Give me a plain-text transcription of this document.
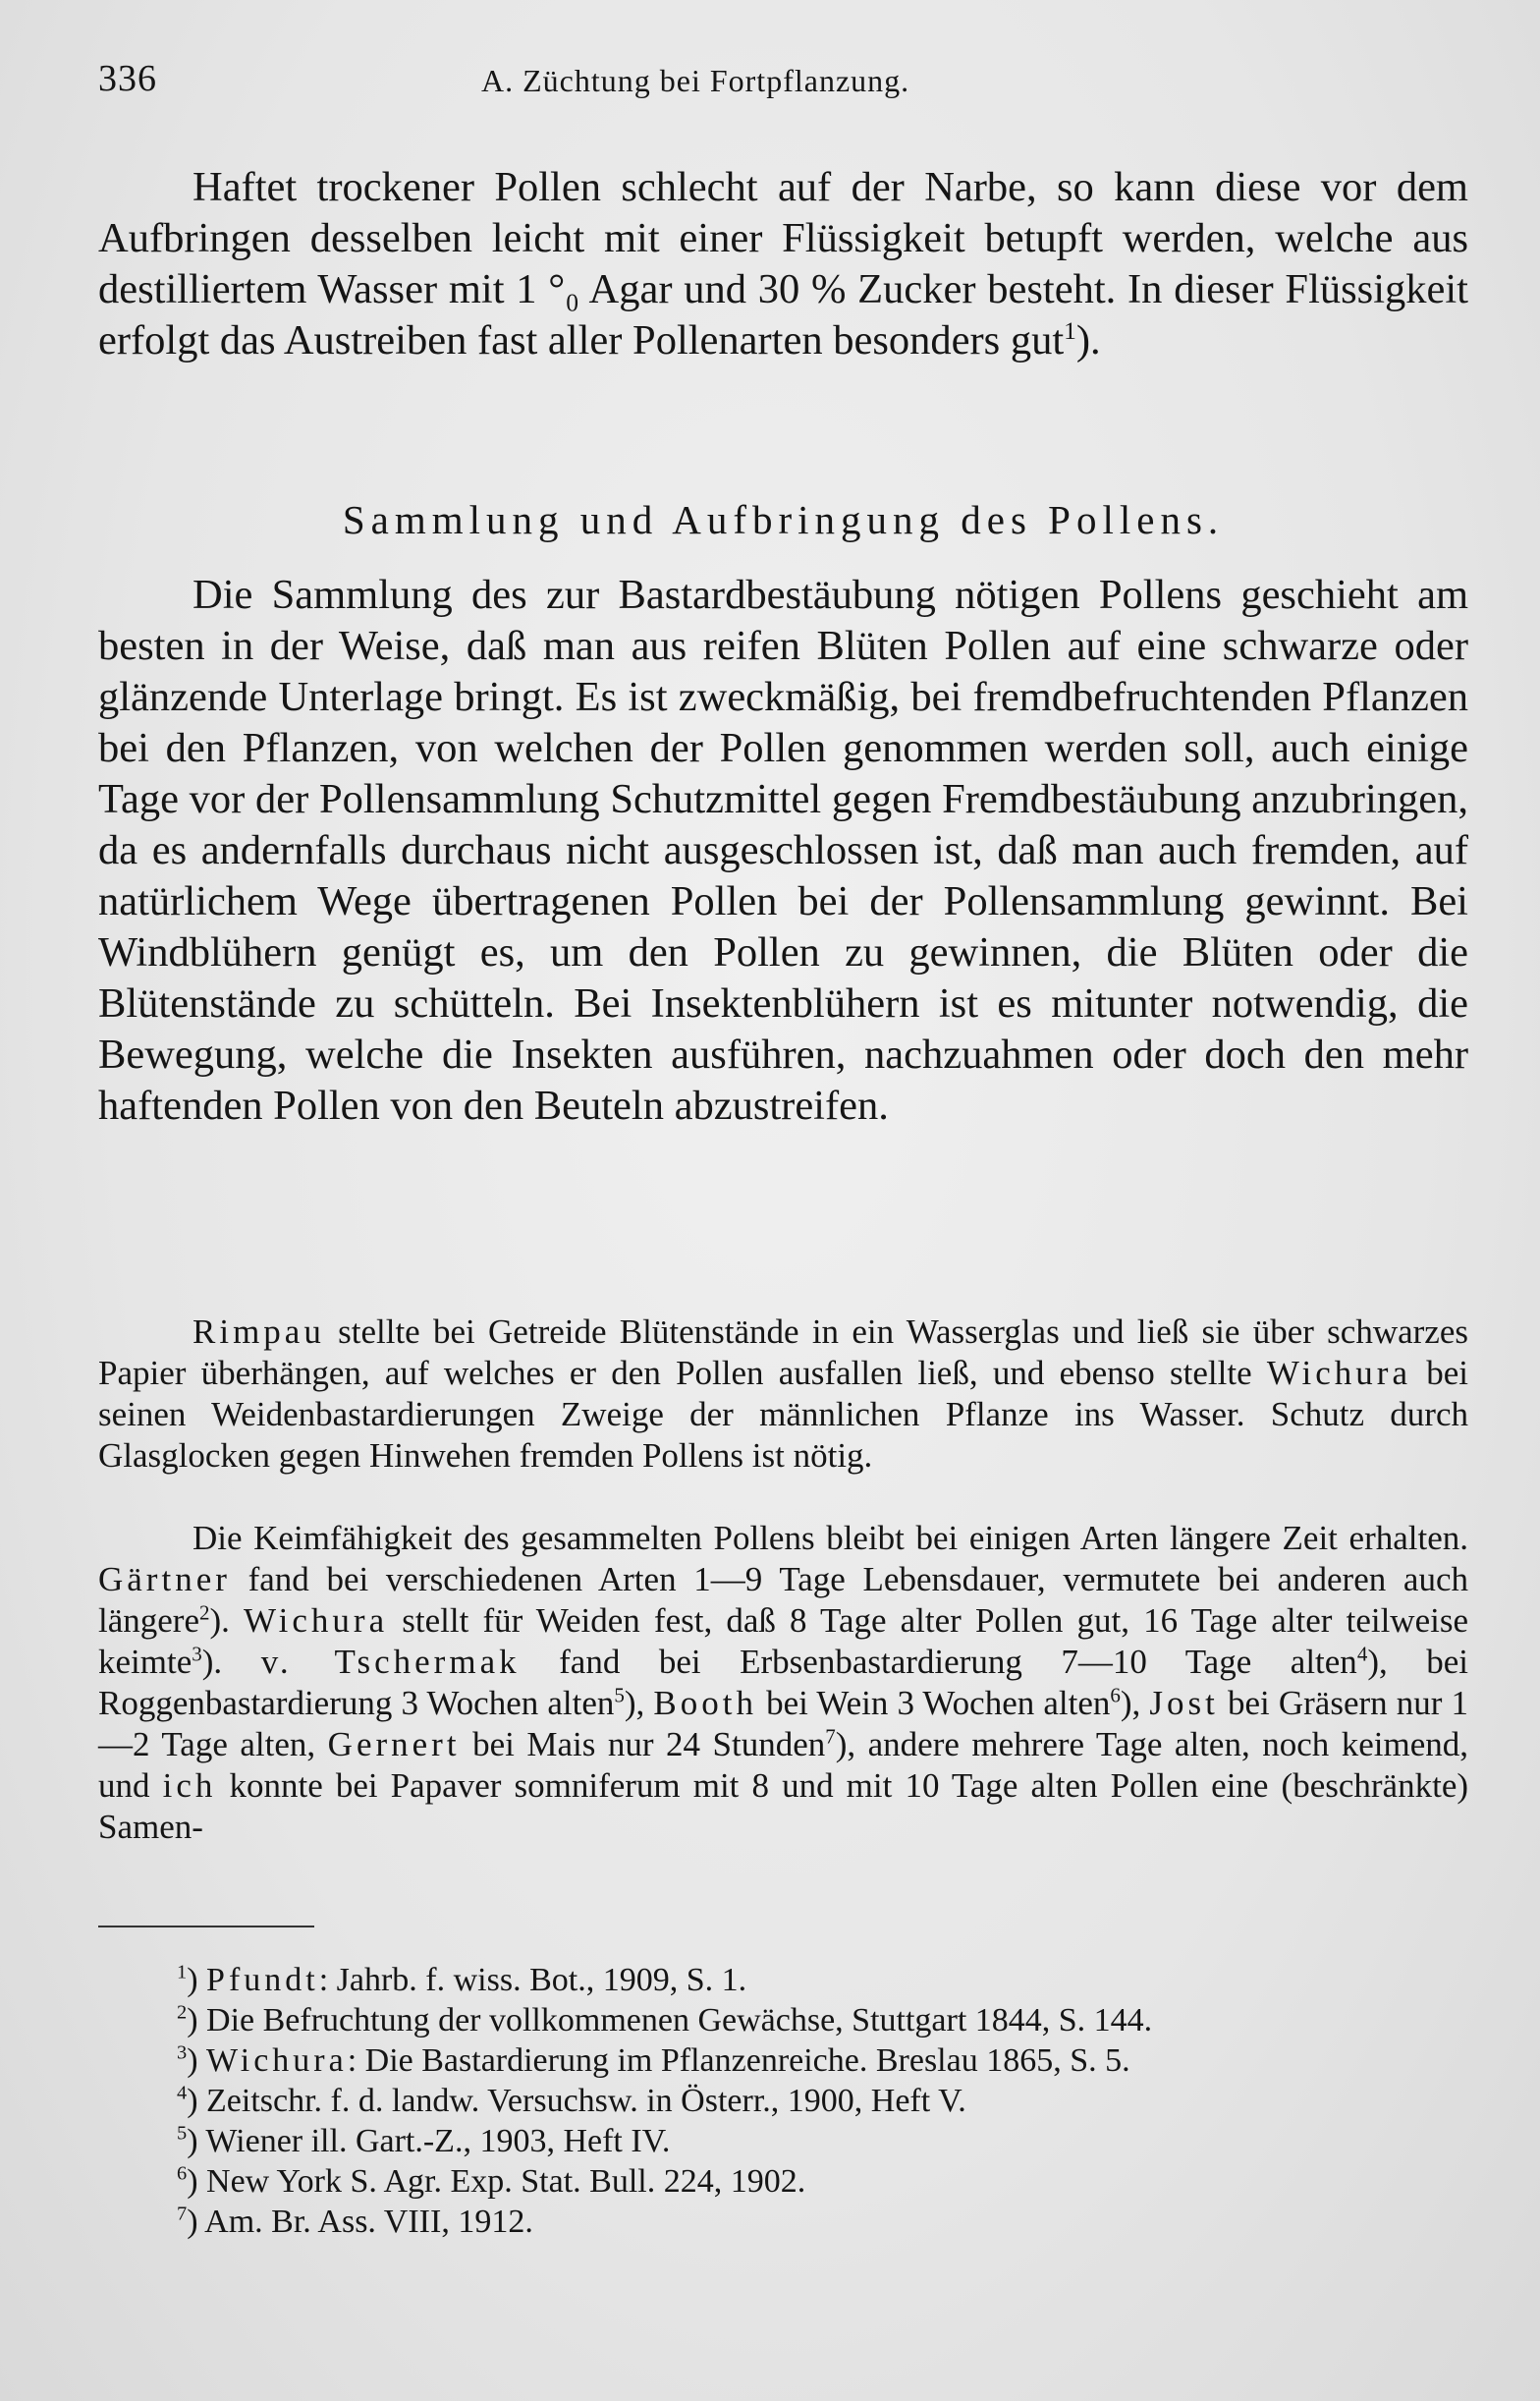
336	A. Züchtung bei Fortpflanzung.

Haftet trockener Pollen schlecht auf der Narbe, so kann diese vor dem Aufbringen desselben leicht mit einer Flüssigkeit betupft werden, welche aus destilliertem Wasser mit 1 °₀ Agar und 30 % Zucker besteht. In dieser Flüssigkeit erfolgt das Austreiben fast aller Pollenarten besonders gut$^1$).

Sammlung und Aufbringung des Pollens.

Die Sammlung des zur Bastardbestäubung nötigen Pollens geschieht am besten in der Weise, daß man aus reifen Blüten Pollen auf eine schwarze oder glänzende Unterlage bringt. Es ist zweckmäßig, bei fremdbefruchtenden Pflanzen bei den Pflanzen, von welchen der Pollen genommen werden soll, auch einige Tage vor der Pollensammlung Schutzmittel gegen Fremdbestäubung anzubringen, da es andernfalls durchaus nicht ausgeschlossen ist, daß man auch fremden, auf natürlichem Wege übertragenen Pollen bei der Pollensammlung gewinnt. Bei Windblühern genügt es, um den Pollen zu gewinnen, die Blüten oder die Blütenstände zu schütteln. Bei Insektenblühern ist es mitunter notwendig, die Bewegung, welche die Insekten ausführen, nachzuahmen oder doch den mehr haftenden Pollen von den Beuteln abzustreifen.

Rimpau stellte bei Getreide Blütenstände in ein Wasserglas und ließ sie über schwarzes Papier überhängen, auf welches er den Pollen ausfallen ließ, und ebenso stellte Wichura bei seinen Weidenbastardierungen Zweige der männlichen Pflanze ins Wasser. Schutz durch Glasglocken gegen Hinwehen fremden Pollens ist nötig.

Die Keimfähigkeit des gesammelten Pollens bleibt bei einigen Arten längere Zeit erhalten. Gärtner fand bei verschiedenen Arten 1—9 Tage Lebensdauer, vermutete bei anderen auch längere$^2$). Wichura stellt für Weiden fest, daß 8 Tage alter Pollen gut, 16 Tage alter teilweise keimte$^3$). v. Tschermak fand bei Erbsenbastardierung 7—10 Tage alten$^4$), bei Roggenbastardierung 3 Wochen alten$^5$), Booth bei Wein 3 Wochen alten$^6$), Jost bei Gräsern nur 1—2 Tage alten, Gernert bei Mais nur 24 Stunden$^7$), andere mehrere Tage alten, noch keimend, und ich konnte bei Papaver somniferum mit 8 und mit 10 Tage alten Pollen eine (beschränkte) Samen-

$^1$) Pfundt: Jahrb. f. wiss. Bot., 1909, S. 1.

$^2$) Die Befruchtung der vollkommenen Gewächse, Stuttgart 1844, S. 144.

$^3$) Wichura: Die Bastardierung im Pflanzenreiche. Breslau 1865, S. 5.

$^4$) Zeitschr. f. d. landw. Versuchsw. in Österr., 1900, Heft V.

$^5$) Wiener ill. Gart.-Z., 1903, Heft IV.

$^6$) New York S. Agr. Exp. Stat. Bull. 224, 1902.

$^7$) Am. Br. Ass. VIII, 1912.
